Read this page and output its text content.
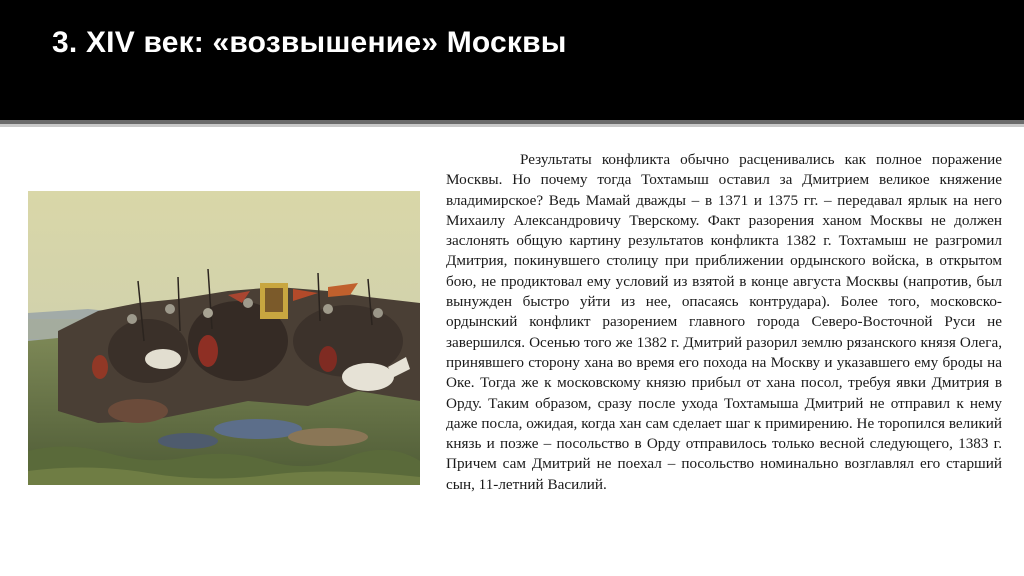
3. XIV век: «возвышение» Москвы

Результаты конфликта обычно расценивались как полное поражение Москвы. Но почему тогда Тохтамыш оставил за Дмитрием великое княжение владимирское? Ведь Мамай дважды – в 1371 и 1375 гг. – передавал ярлык на него Михаилу Александровичу Тверскому. Факт разорения ханом Москвы не должен заслонять общую картину результатов конфликта 1382 г. Тохтамыш не разгромил Дмитрия, покинувшего столицу при приближении ордынского войска, в открытом бою, не продиктовал ему условий из взятой в конце августа Москвы (напротив, был вынужден быстро уйти из нее, опасаясь контрудара). Более того, московско-ордынский конфликт разорением главного города Северо-Восточной Руси не завершился. Осенью того же 1382 г. Дмитрий разорил землю рязанского князя Олега, принявшего сторону хана во время его похода на Москву и указавшего ему броды на Оке. Тогда же к московскому князю прибыл от хана посол, требуя явки Дмитрия в Орду. Таким образом, сразу после ухода Тохтамыша Дмитрий не отправил к нему даже посла, ожидая, когда хан сам сделает шаг к примирению. Не торопился великий князь и позже – посольство в Орду отправилось только весной следующего, 1383 г. Причем сам Дмитрий не поехал – посольство номинально возглавлял его старший сын, 11-летний Василий.
